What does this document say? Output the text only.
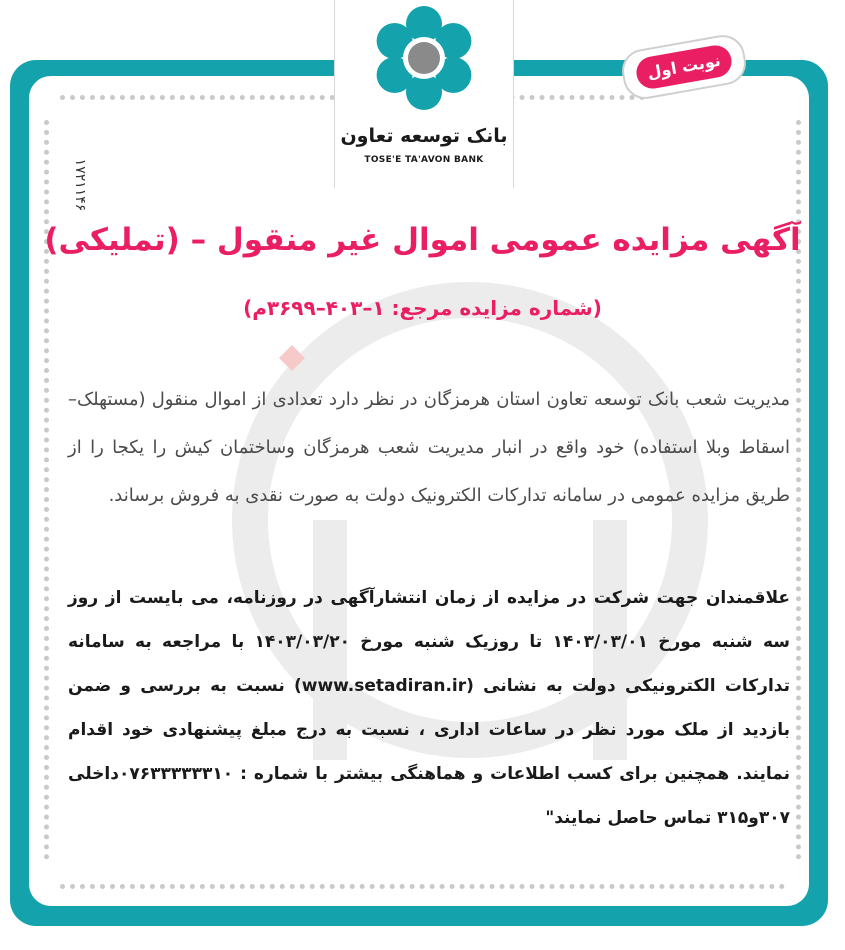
بانک توسعه تعاون
TOSE'E TA'AVON BANK
نوبت اول
۱۷۲۱۱۴۶
آگهی مزایده عمومی اموال غیر منقول – (تملیکی)
(شماره مزایده مرجع: ۱–۴۰۳–۳۶۹۹م)
مدیریت شعب بانک توسعه تعاون استان هرمزگان در نظر دارد تعدادی از اموال منقول (مستهلک–اسقاط وبلا استفاده) خود واقع در انبار مدیریت شعب هرمزگان وساختمان کیش را یکجا را از طریق مزایده عمومی در سامانه تدارکات الکترونیک دولت به صورت نقدی به فروش برساند.
علاقمندان جهت شرکت در مزایده از زمان انتشارآگهی در روزنامه، می بایست از روز سه شنبه مورخ ۱۴۰۳/۰۳/۰۱ تا روزیک شنبه مورخ ۱۴۰۳/۰۳/۲۰ با مراجعه به سامانه تدارکات الکترونیکی دولت به نشانی (www.setadiran.ir) نسبت به بررسی و ضمن بازدید از ملک مورد نظر در ساعات اداری ، نسبت به درج مبلغ پیشنهادی خود اقدام نمایند. همچنین برای کسب اطلاعات و هماهنگی بیشتر با شماره : ۰۷۶۳۳۳۳۳۳۱۰داخلی ۳۰۷و۳۱۵ تماس حاصل نمایند"
